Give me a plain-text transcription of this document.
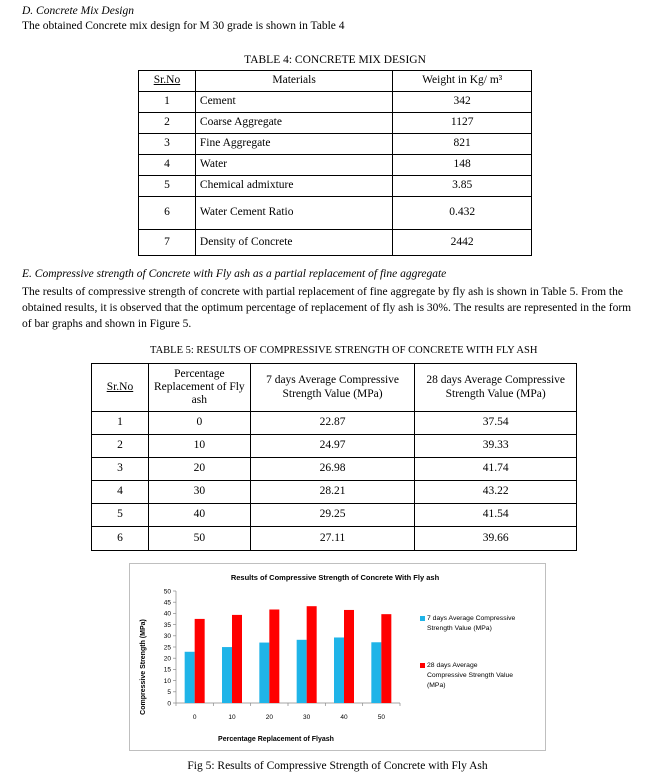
D. Concrete Mix Design
The obtained Concrete mix design for M 30 grade is shown in Table 4
TABLE 4: CONCRETE MIX DESIGN
Sr.No	Materials	Weight in Kg/ m³
1	Cement	342
2	Coarse Aggregate	1127
3	Fine Aggregate	821
4	Water	148
5	Chemical admixture	3.85
6	Water Cement Ratio	0.432
7	Density of Concrete	2442
E. Compressive strength of Concrete with Fly ash as a partial replacement of fine aggregate
The results of compressive strength of concrete with partial replacement of fine aggregate by fly ash is shown in Table 5. From the
obtained results, it is observed that the optimum percentage of replacement of fly ash is 30%. The results are represented in the form
of bar graphs and shown in Figure 5.
TABLE 5: RESULTS OF COMPRESSIVE STRENGTH OF CONCRETE WITH FLY ASH
Sr.No	Percentage Replacement of Fly ash	7 days Average Compressive Strength Value (MPa)	28 days Average Compressive Strength Value (MPa)
1	0	22.87	37.54
2	10	24.97	39.33
3	20	26.98	41.74
4	30	28.21	43.22
5	40	29.25	41.54
6	50	27.11	39.66
Results of Compressive Strength of Concrete With Fly ash
Compressive Strength (MPa)
Percentage Replacement of Flyash
0
5
10
15
20
25
30
35
40
45
50
0	10	20	30	40	50
7 days Average Compressive Strength Value (MPa)
28 days Average Compressive Strength Value (MPa)
Fig 5: Results of Compressive Strength of Concrete with Fly Ash
